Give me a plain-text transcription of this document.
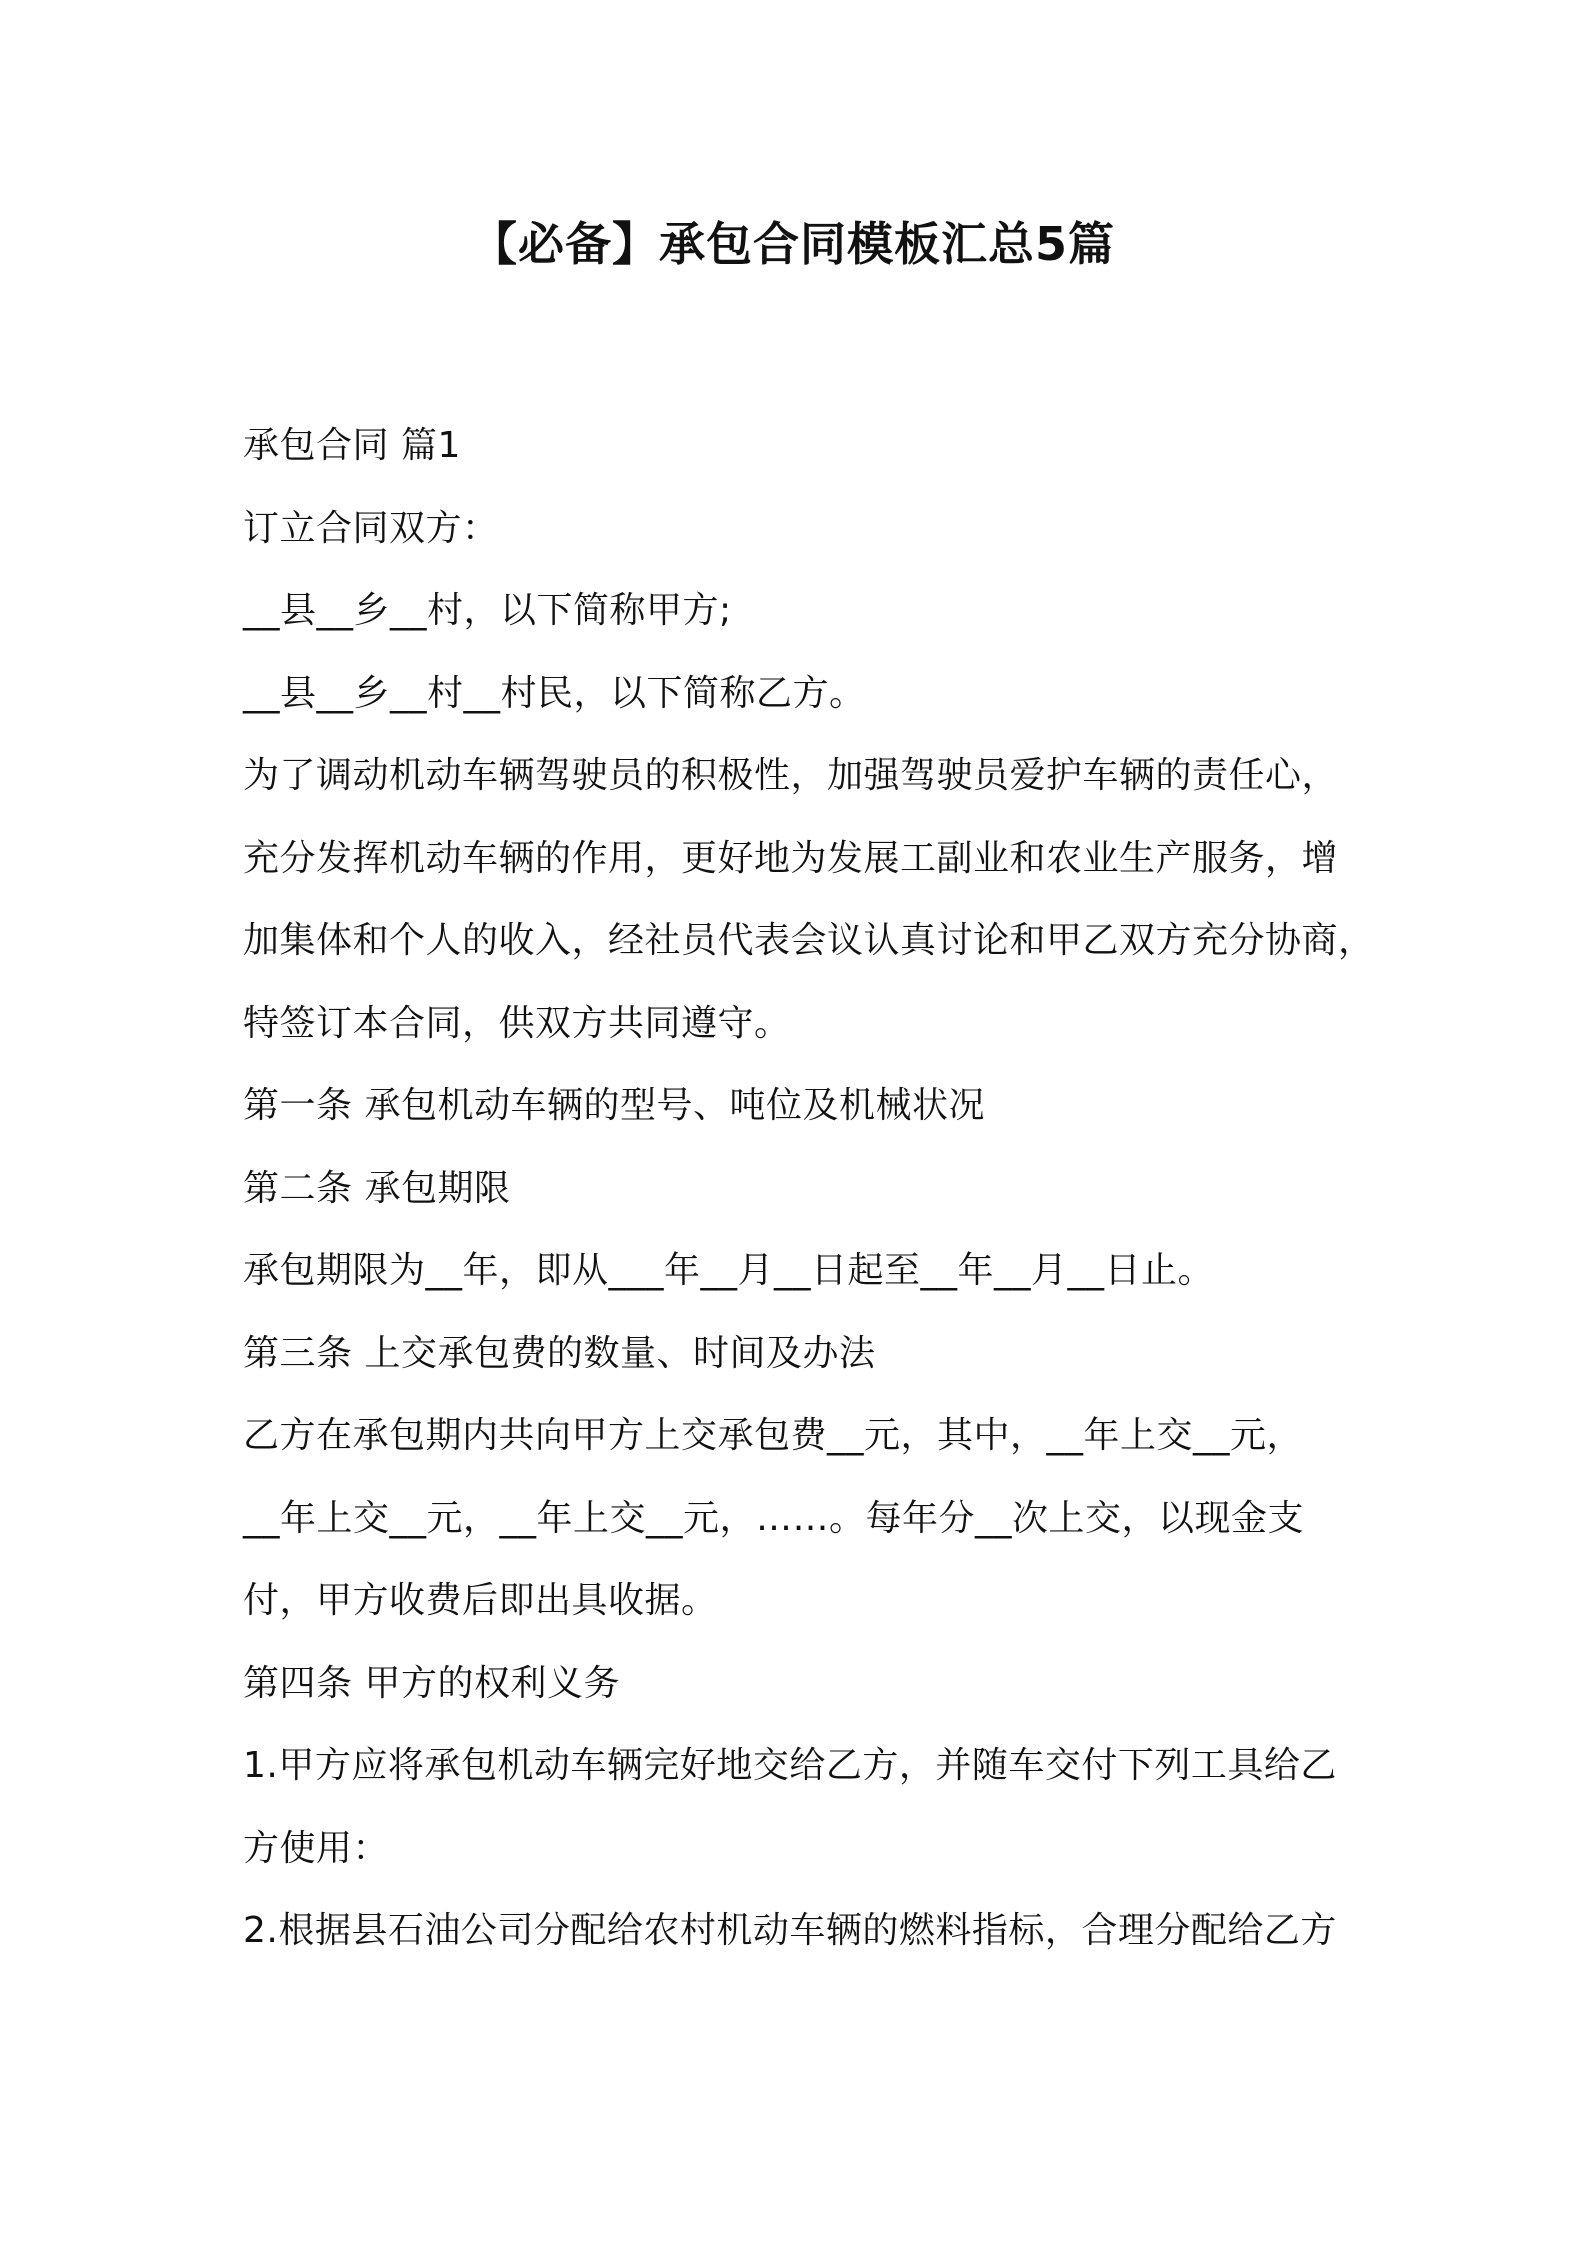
【必备】承包合同模板汇总5篇

承包合同 篇1

订立合同双方：

__县__乡__村，以下简称甲方;

__县__乡__村__村民，以下简称乙方。

为了调动机动车辆驾驶员的积极性，加强驾驶员爱护车辆的责任心，

充分发挥机动车辆的作用，更好地为发展工副业和农业生产服务，增

加集体和个人的收入，经社员代表会议认真讨论和甲乙双方充分协商，

特签订本合同，供双方共同遵守。

第一条 承包机动车辆的型号、吨位及机械状况

第二条 承包期限

承包期限为__年，即从___年__月__日起至__年__月__日止。

第三条 上交承包费的数量、时间及办法

乙方在承包期内共向甲方上交承包费__元，其中，__年上交__元，

__年上交__元，__年上交__元，……。每年分__次上交，以现金支

付，甲方收费后即出具收据。

第四条 甲方的权利义务

1.甲方应将承包机动车辆完好地交给乙方，并随车交付下列工具给乙

方使用：

2.根据县石油公司分配给农村机动车辆的燃料指标，合理分配给乙方
